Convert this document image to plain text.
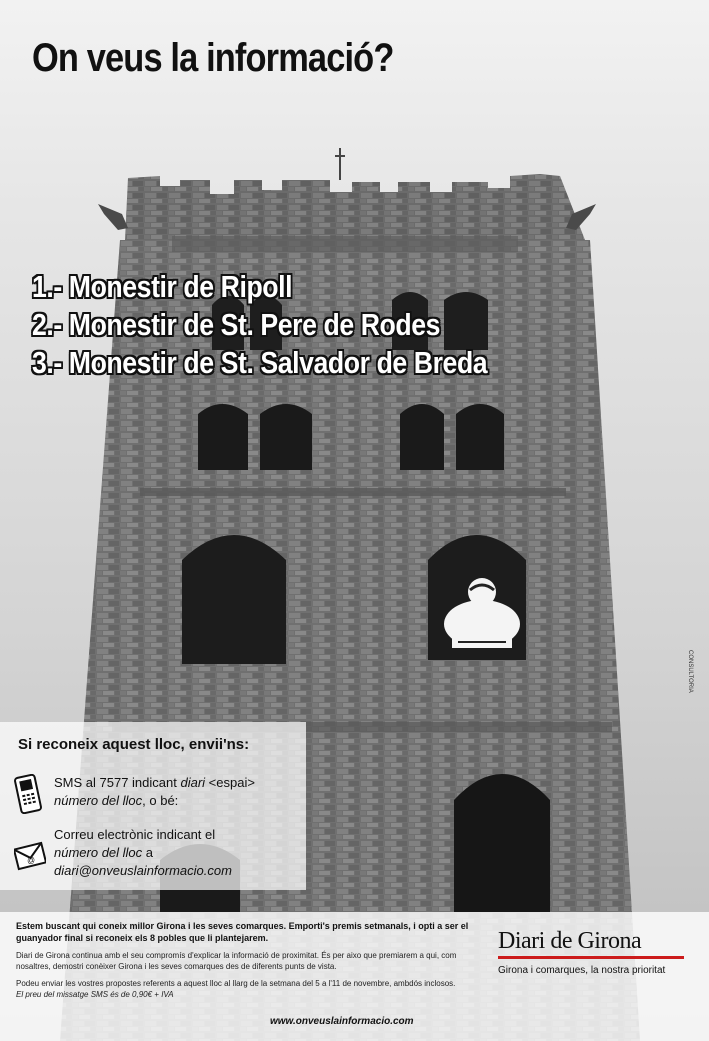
On veus la informació?
1.- Monestir de Ripoll
2.- Monestir de St. Pere de Rodes
3.- Monestir de St. Salvador de Breda
CONSULTORIA
Si reconeix aquest lloc, envii'ns:
SMS al 7577 indicant diari <espai>
número del lloc, o bé:
@
Correu electrònic indicant el
número del lloc a
diari@onveuslainformacio.com
Estem buscant qui coneix millor Girona i les seves comarques. Emporti's premis setmanals, i opti a ser el guanyador final si reconeix els 8 pobles que li plantejarem.
Diari de Girona continua amb el seu compromís d'explicar la informació de proximitat. És per aixo que premiarem a qui, com nosaltres, demostri conèixer Girona i les seves comarques des de diferents punts de vista.
Podeu enviar les vostres propostes referents a aquest lloc al llarg de la setmana del 5 a l'11 de novembre, ambdós inclosos.
El preu del missatge SMS és de 0,90€ + IVA
www.onveuslainformacio.com
Diari de Girona
Girona i comarques, la nostra prioritat
